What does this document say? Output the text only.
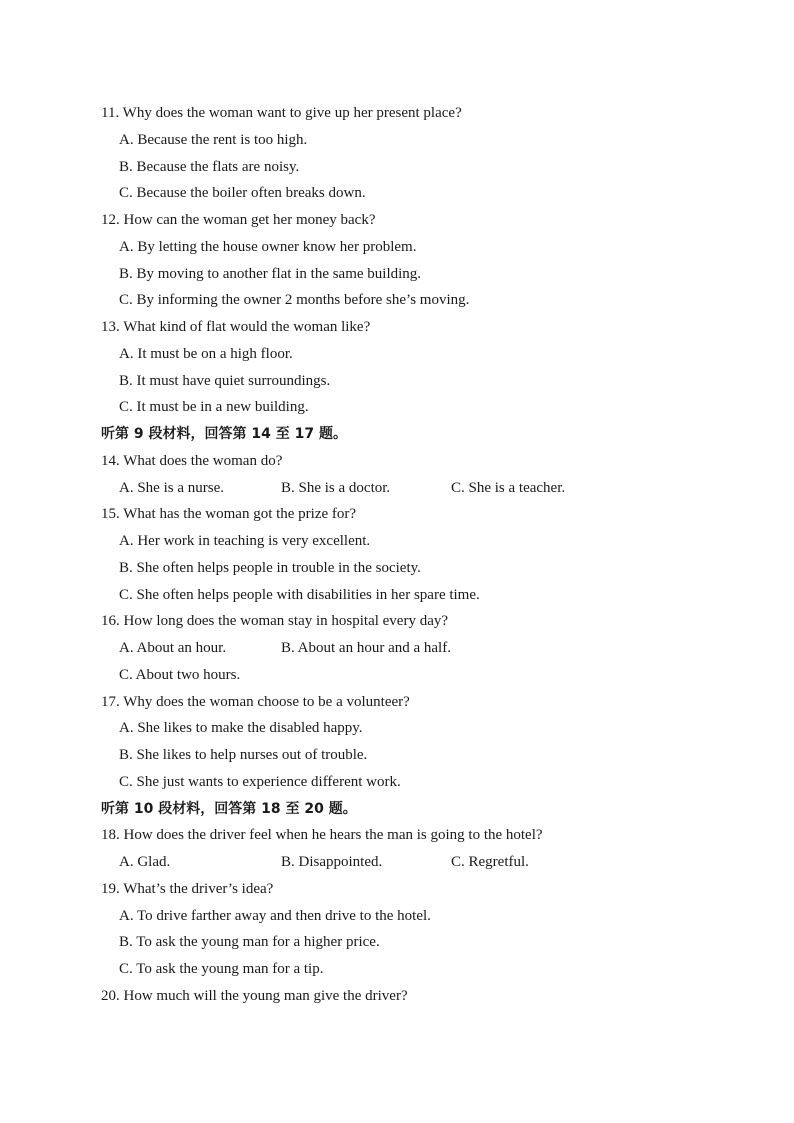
11. Why does the woman want to give up her present place?
A. Because the rent is too high.
B. Because the flats are noisy.
C. Because the boiler often breaks down.
12. How can the woman get her money back?
A. By letting the house owner know her problem.
B. By moving to another flat in the same building.
C. By informing the owner 2 months before she’s moving.
13. What kind of flat would the woman like?
A. It must be on a high floor.
B. It must have quiet surroundings.
C. It must be in a new building.
听第 9 段材料，回答第 14 至 17 题。
14. What does the woman do?
A. She is a nurse.	B. She is a doctor.	C. She is a teacher.
15. What has the woman got the prize for?
A. Her work in teaching is very excellent.
B. She often helps people in trouble in the society.
C. She often helps people with disabilities in her spare time.
16. How long does the woman stay in hospital every day?
A. About an hour.	B. About an hour and a half.
C. About two hours.
17. Why does the woman choose to be a volunteer?
A. She likes to make the disabled happy.
B. She likes to help nurses out of trouble.
C. She just wants to experience different work.
听第 10 段材料，回答第 18 至 20 题。
18. How does the driver feel when he hears the man is going to the hotel?
A. Glad.	B. Disappointed.	C. Regretful.
19. What’s the driver’s idea?
A. To drive farther away and then drive to the hotel.
B. To ask the young man for a higher price.
C. To ask the young man for a tip.
20. How much will the young man give the driver?
